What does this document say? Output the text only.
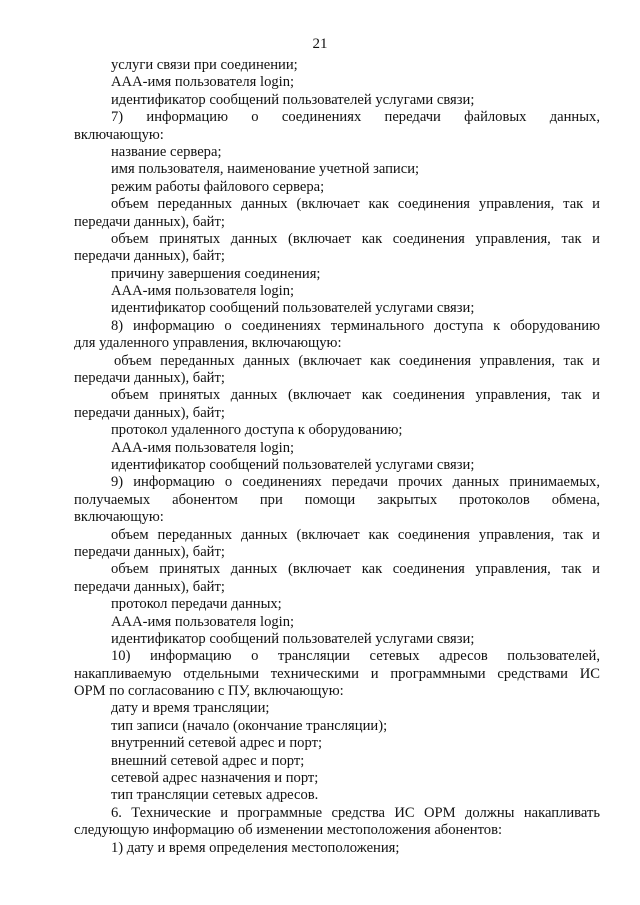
21
услуги связи при соединении;
AAA-имя пользователя login;
идентификатор сообщений пользователей услугами связи;
7) информацию о соединениях передачи файловых данных,
включающую:
название сервера;
имя пользователя, наименование учетной записи;
режим работы файлового сервера;
объем переданных данных (включает как соединения управления, так и
передачи данных), байт;
объем принятых данных (включает как соединения управления, так и
передачи данных), байт;
причину завершения соединения;
AAA-имя пользователя login;
идентификатор сообщений пользователей услугами связи;
8) информацию о соединениях терминального доступа к оборудованию
для удаленного управления, включающую:
объем переданных данных (включает как соединения управления, так и
передачи данных), байт;
объем принятых данных (включает как соединения управления, так и
передачи данных), байт;
протокол удаленного доступа к оборудованию;
AAA-имя пользователя login;
идентификатор сообщений пользователей услугами связи;
9) информацию о соединениях передачи прочих данных принимаемых,
получаемых абонентом при помощи закрытых протоколов обмена,
включающую:
объем переданных данных (включает как соединения управления, так и
передачи данных), байт;
объем принятых данных (включает как соединения управления, так и
передачи данных), байт;
протокол передачи данных;
AAA-имя пользователя login;
идентификатор сообщений пользователей услугами связи;
10) информацию о трансляции сетевых адресов пользователей,
накапливаемую отдельными техническими и программными средствами ИС
ОРМ по согласованию с ПУ, включающую:
дату и время трансляции;
тип записи (начало (окончание трансляции);
внутренний сетевой адрес и порт;
внешний сетевой адрес и порт;
сетевой адрес назначения и порт;
тип трансляции сетевых адресов.
6. Технические и программные средства ИС ОРМ должны накапливать
следующую информацию об изменении местоположения абонентов:
1) дату и время определения местоположения;
